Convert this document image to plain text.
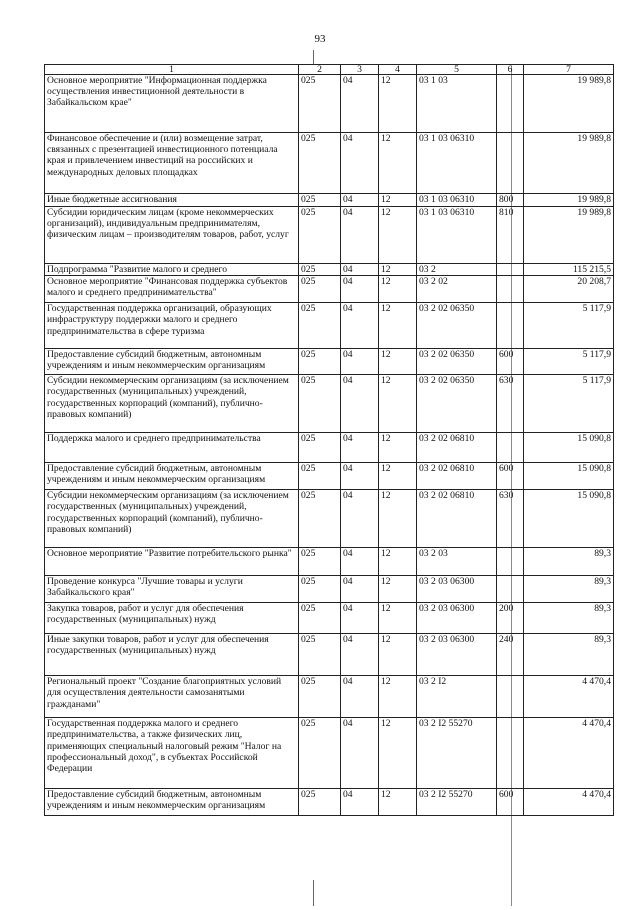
93
1	2	3	4	5	6	7
Основное мероприятие "Информационная поддержка осуществления инвестиционной деятельности в Забайкальском крае"	025	04	12	03 1 03		19 989,8
Финансовое обеспечение и (или) возмещение затрат, связанных с презентацией инвестиционного потенциала края и привлечением инвестиций на российских и международных деловых площадках	025	04	12	03 1 03 06310		19 989,8
Иные бюджетные ассигнования	025	04	12	03 1 03 06310	800	19 989,8
Субсидии юридическим лицам (кроме некоммерческих организаций), индивидуальным предпринимателям, физическим лицам – производителям товаров, работ, услуг	025	04	12	03 1 03 06310	810	19 989,8
Подпрограмма "Развитие малого и среднего	025	04	12	03 2		115 215,5
Основное мероприятие "Финансовая поддержка субъектов малого и среднего предпринимательства"	025	04	12	03 2 02		20 208,7
Государственная поддержка организаций, образующих инфраструктуру поддержки малого и среднего предпринимательства в сфере туризма	025	04	12	03 2 02 06350		5 117,9
Предоставление субсидий бюджетным, автономным учреждениям и иным некоммерческим организациям	025	04	12	03 2 02 06350	600	5 117,9
Субсидии некоммерческим организациям (за исключением государственных (муниципальных) учреждений, государственных корпораций (компаний), публично-правовых компаний)	025	04	12	03 2 02 06350	630	5 117,9
Поддержка малого и среднего предпринимательства	025	04	12	03 2 02 06810		15 090,8
Предоставление субсидий бюджетным, автономным учреждениям и иным некоммерческим организациям	025	04	12	03 2 02 06810	600	15 090,8
Субсидии некоммерческим организациям (за исключением государственных (муниципальных) учреждений, государственных корпораций (компаний), публично-правовых компаний)	025	04	12	03 2 02 06810	630	15 090,8
Основное мероприятие "Развитие потребительского рынка"	025	04	12	03 2 03		89,3
Проведение конкурса "Лучшие товары и услуги Забайкальского края"	025	04	12	03 2 03 06300		89,3
Закупка товаров, работ и услуг для обеспечения государственных (муниципальных) нужд	025	04	12	03 2 03 06300	200	89,3
Иные закупки товаров, работ и услуг для обеспечения государственных (муниципальных) нужд	025	04	12	03 2 03 06300	240	89,3
Региональный проект "Создание благоприятных условий для осуществления деятельности самозанятыми гражданами"	025	04	12	03 2 I2		4 470,4
Государственная поддержка малого и среднего предпринимательства, а также физических лиц, применяющих специальный налоговый режим "Налог на профессиональный доход", в субъектах Российской Федерации	025	04	12	03 2 I2 55270		4 470,4
Предоставление субсидий бюджетным, автономным учреждениям и иным некоммерческим организациям	025	04	12	03 2 I2 55270	600	4 470,4
